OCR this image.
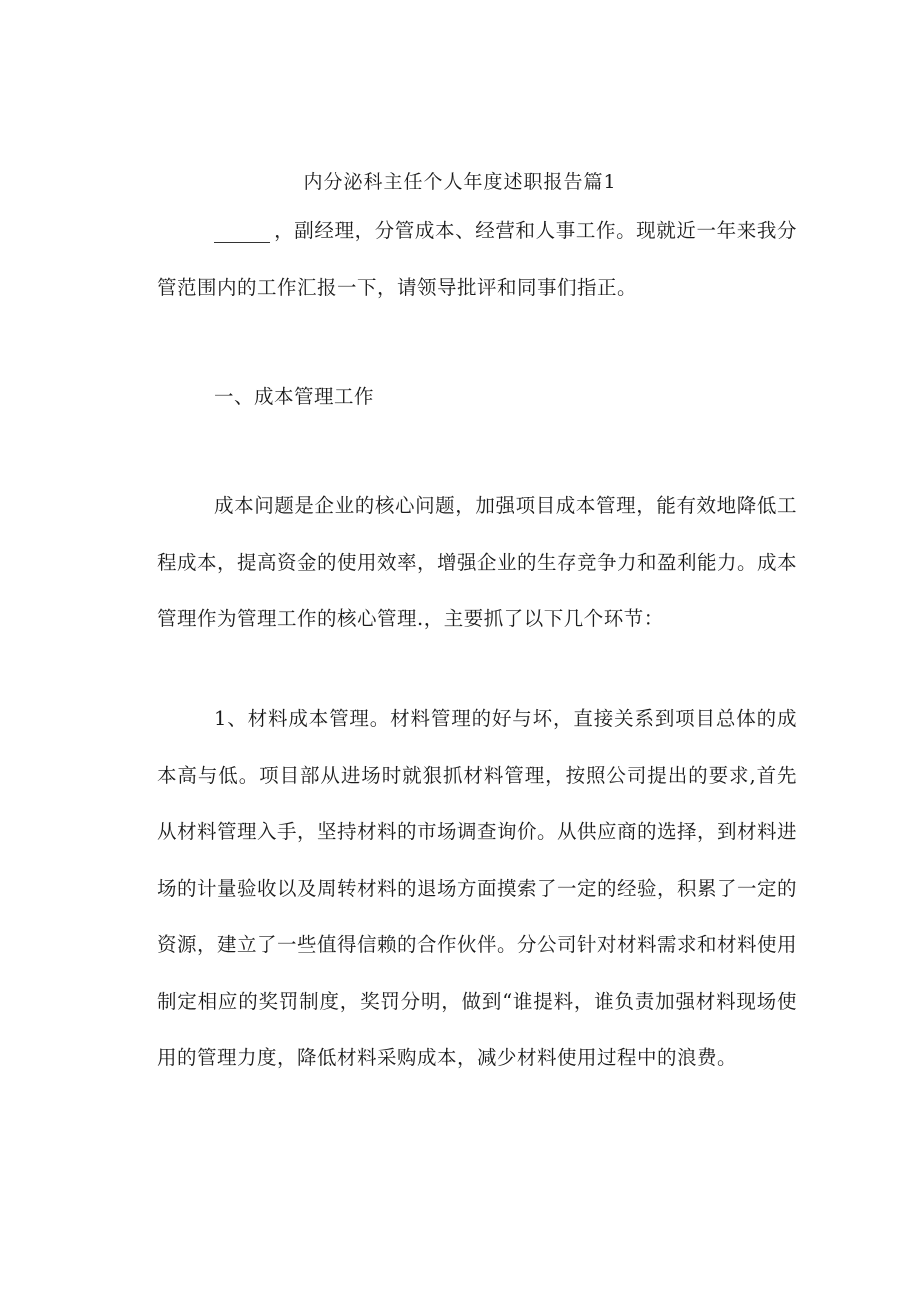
内分泌科主任个人年度述职报告篇1

，副经理，分管成本、经营和人事工作。现就近一年来我分管范围内的工作汇报一下，请领导批评和同事们指正。

一、成本管理工作

成本问题是企业的核心问题，加强项目成本管理，能有效地降低工程成本，提高资金的使用效率，增强企业的生存竞争力和盈利能力。成本管理作为管理工作的核心管理.，主要抓了以下几个环节：

1、材料成本管理。材料管理的好与坏，直接关系到项目总体的成本高与低。项目部从进场时就狠抓材料管理，按照公司提出的要求,首先从材料管理入手，坚持材料的市场调查询价。从供应商的选择，到材料进场的计量验收以及周转材料的退场方面摸索了一定的经验，积累了一定的资源，建立了一些值得信赖的合作伙伴。分公司针对材料需求和材料使用制定相应的奖罚制度，奖罚分明，做到“谁提料，谁负责加强材料现场使用的管理力度，降低材料采购成本，减少材料使用过程中的浪费。
